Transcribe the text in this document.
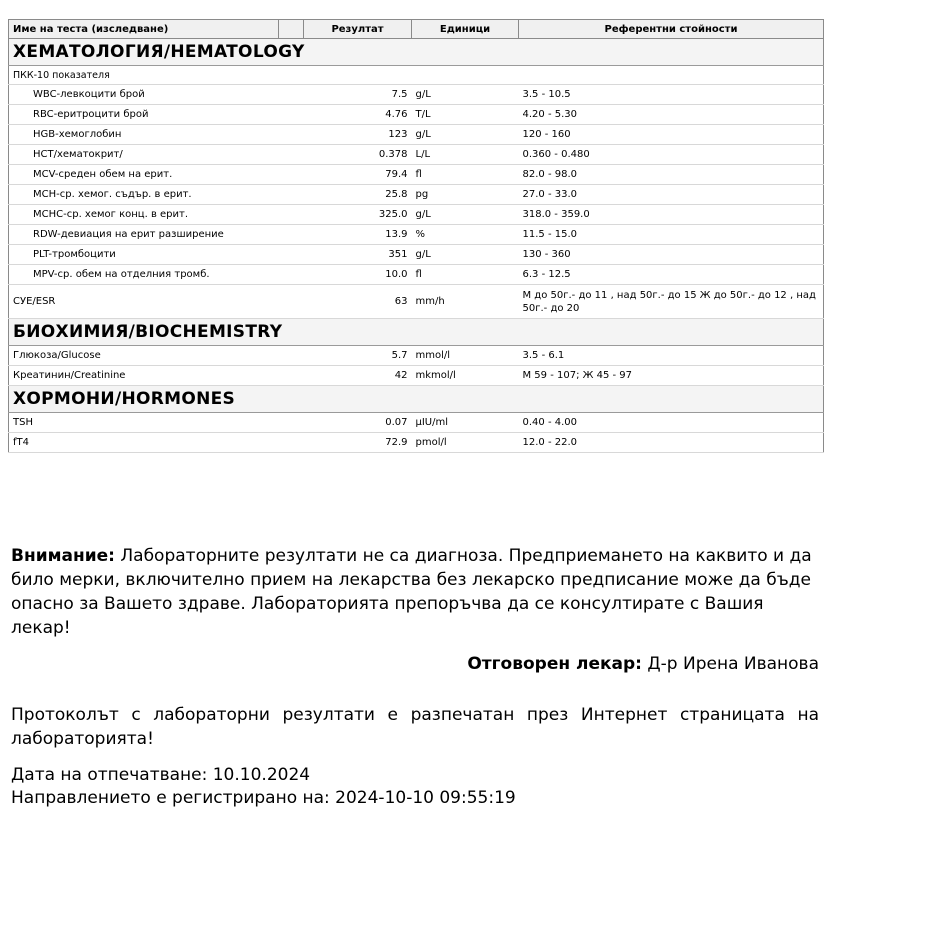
Име на теста (изследване)		Резултат	Единици	Референтни стойности
ХЕМАТОЛОГИЯ/HEMATOLOGY				
ПКК-10 показателя				
WBC-левкоцити брой		7.5	g/L	3.5 - 10.5
RBC-еритроцити брой		4.76	T/L	4.20 - 5.30
HGB-хемоглобин		123	g/L	120 - 160
HCT/хематокрит/		0.378	L/L	0.360 - 0.480
MCV-среден обем на ерит.		79.4	fl	82.0 - 98.0
MCH-ср. хемог. съдър. в ерит.		25.8	pg	27.0 - 33.0
MCHC-ср. хемог конц. в ерит.		325.0	g/L	318.0 - 359.0
RDW-девиация на ерит разширение		13.9	%	11.5 - 15.0
PLT-тромбоцити		351	g/L	130 - 360
MPV-ср. обем на отделния тромб.		10.0	fl	6.3 - 12.5
СУЕ/ESR		63	mm/h	М до 50г.- до 11 , над 50г.- до 15 Ж до 50г.- до 12 , над 50г.- до 20
БИОХИМИЯ/BIOCHEMISTRY				
Глюкоза/Glucose		5.7	mmol/l	3.5 - 6.1
Креатинин/Creatinine		42	mkmol/l	М 59 - 107; Ж 45 - 97
ХОРМОНИ/HORMONES				
TSH		0.07	µIU/ml	0.40 - 4.00
fT4		72.9	pmol/l	12.0 - 22.0
Внимание: Лабораторните резултати не са диагноза. Предприемането на каквито и да било мерки, включително прием на лекарства без лекарско предписание може да бъде опасно за Вашето здраве. Лабораторията препоръчва да се консултирате с Вашия лекар!
Отговорен лекар: Д-р Ирена Иванова
Протоколът с лабораторни резултати е разпечатан през Интернет страницата на лабораторията!
Дата на отпечатване: 10.10.2024
Направлението е регистрирано на: 2024-10-10 09:55:19
